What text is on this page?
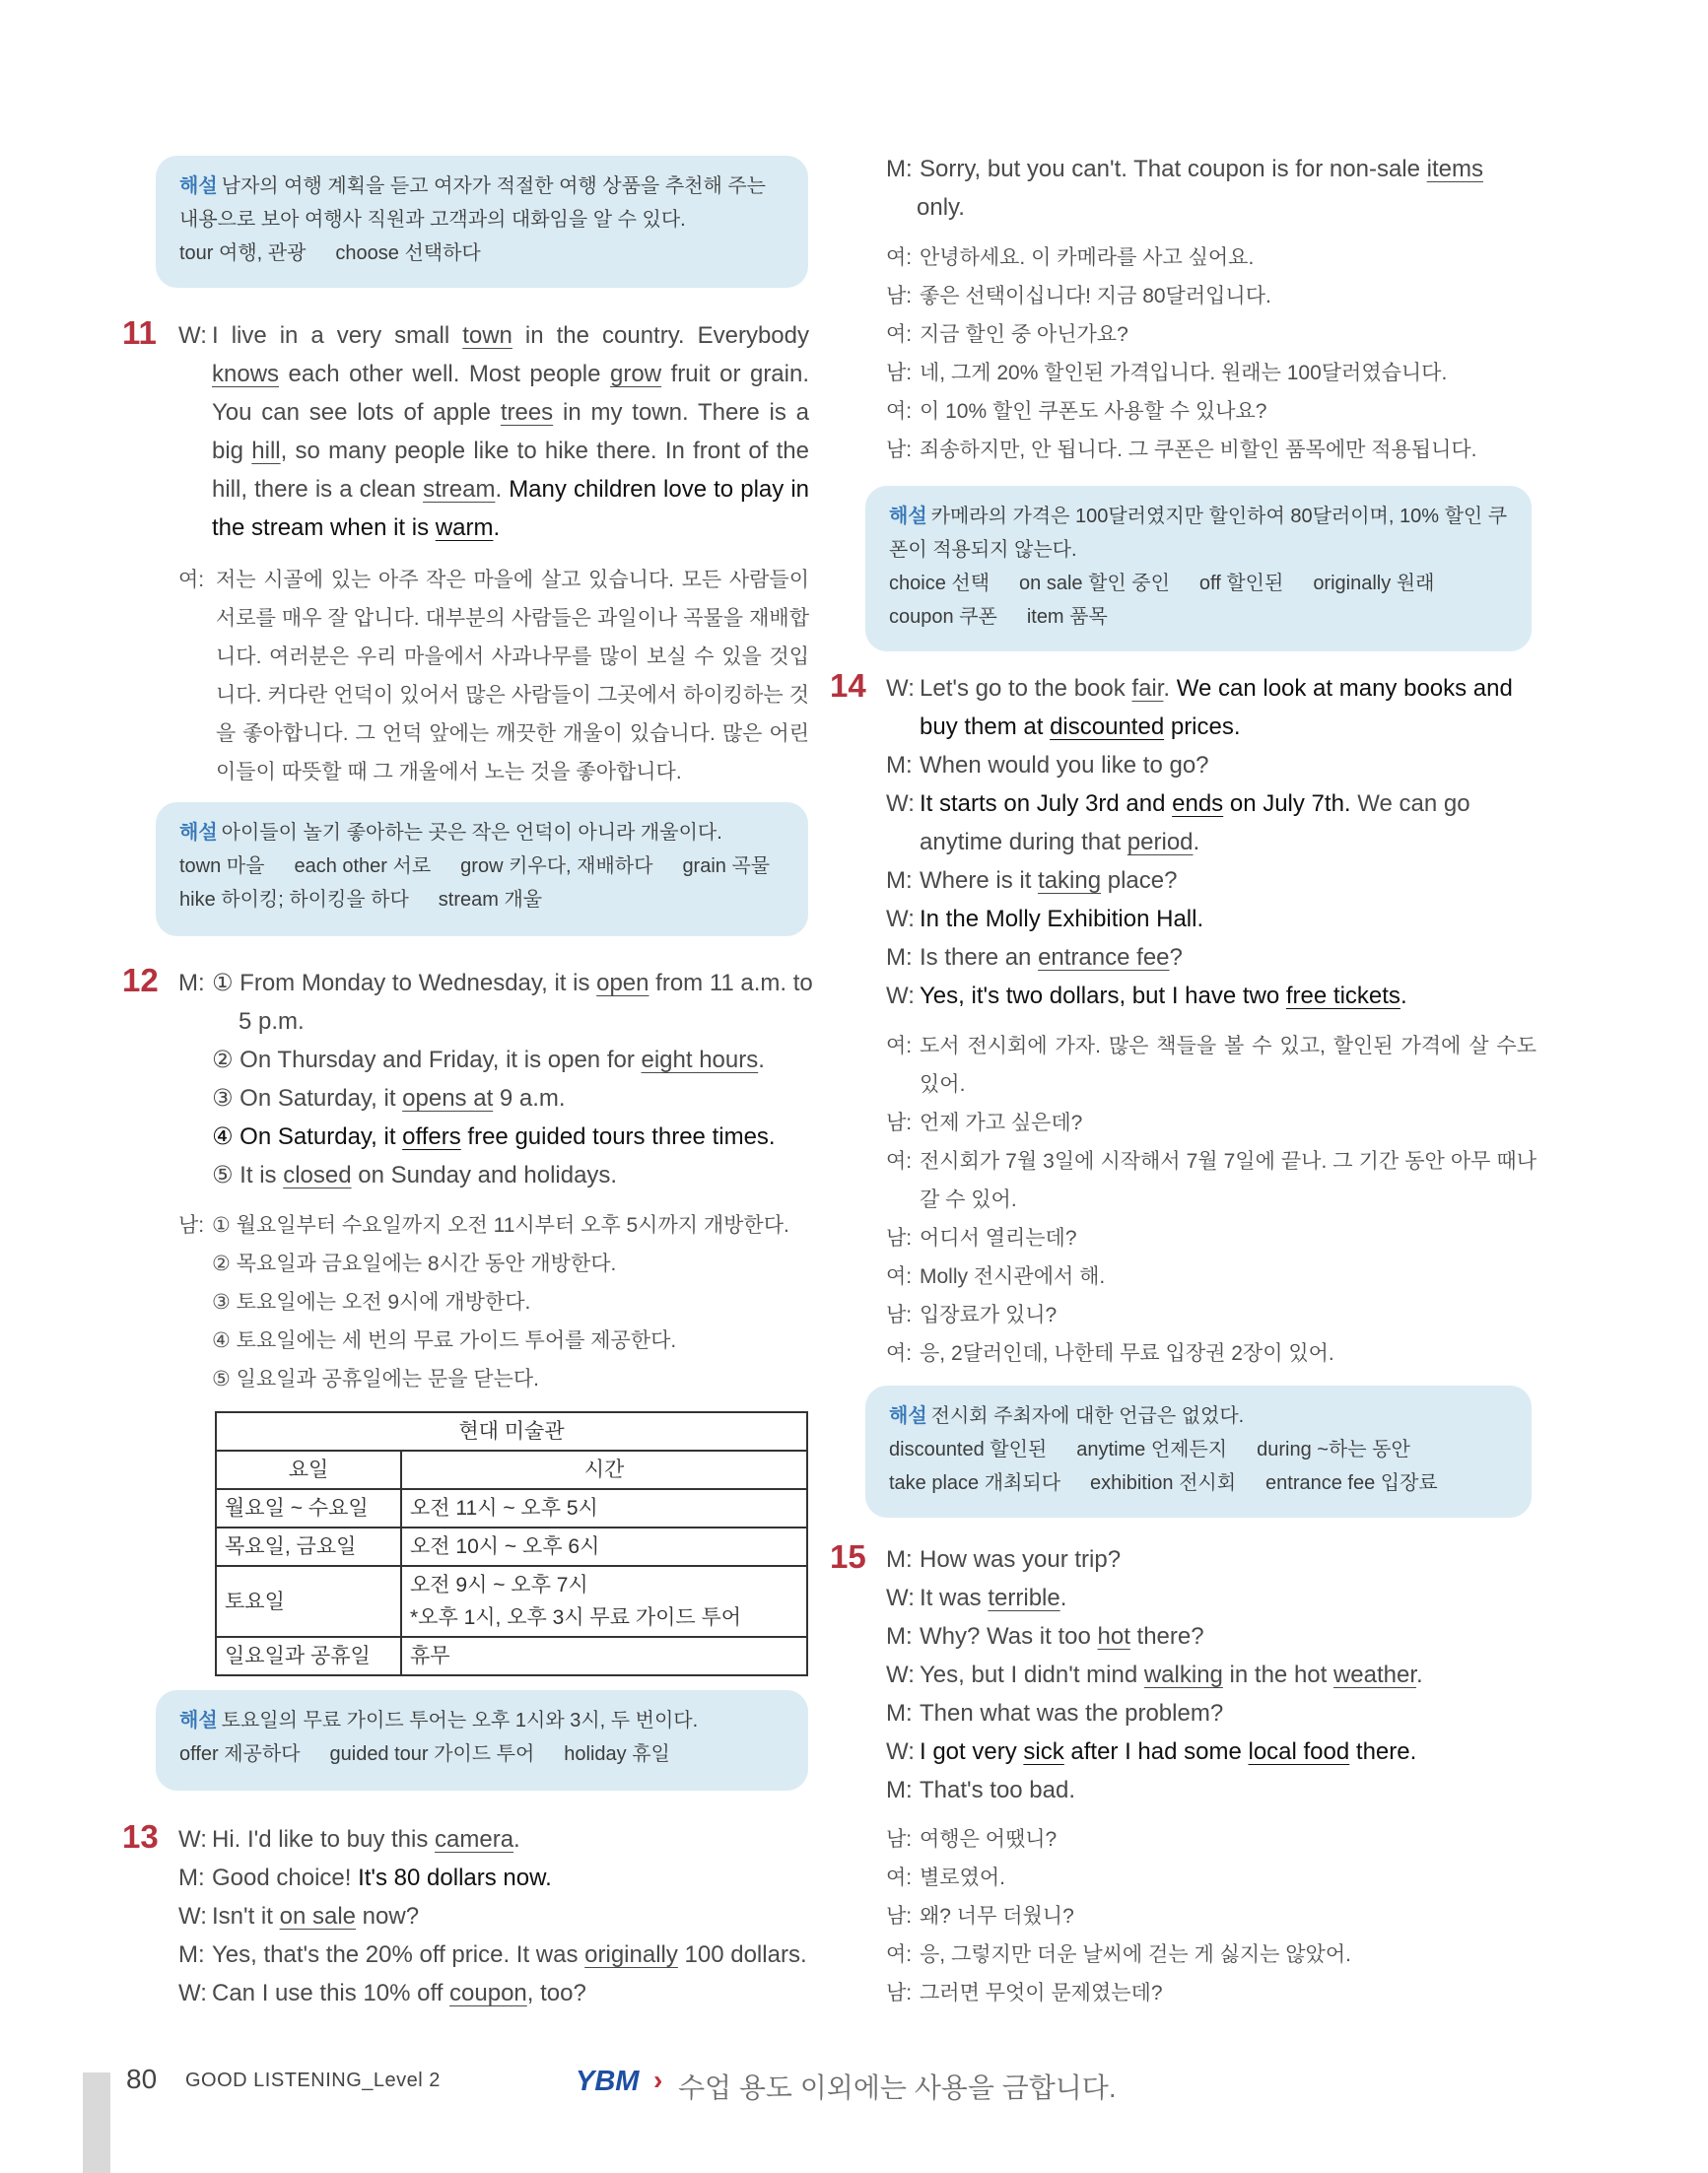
해설 남자의 여행 계획을 듣고 여자가 적절한 여행 상품을 추천해 주는 내용으로 보아 여행사 직원과 고객과의 대화임을 알 수 있다.
tour 여행, 관광 choose 선택하다
11 W: I live in a very small town in the country. Everybody knows each other well. Most people grow fruit or grain. You can see lots of apple trees in my town. There is a big hill, so many people like to hike there. In front of the hill, there is a clean stream. Many children love to play in the stream when it is warm.
여: 저는 시골에 있는 아주 작은 마을에 살고 있습니다. 모든 사람들이 서로를 매우 잘 압니다. 대부분의 사람들은 과일이나 곡물을 재배합니다. 여러분은 우리 마을에서 사과나무를 많이 보실 수 있을 것입니다. 커다란 언덕이 있어서 많은 사람들이 그곳에서 하이킹하는 것을 좋아합니다. 그 언덕 앞에는 깨끗한 개울이 있습니다. 많은 어린이들이 따뜻할 때 그 개울에서 노는 것을 좋아합니다.
해설 아이들이 놀기 좋아하는 곳은 작은 언덕이 아니라 개울이다.
town 마을 each other 서로 grow 키우다, 재배하다 grain 곡물
hike 하이킹; 하이킹을 하다 stream 개울
12 M: ① From Monday to Wednesday, it is open from 11 a.m. to

5 p.m.

② On Thursday and Friday, it is open for eight hours.

③ On Saturday, it opens at 9 a.m.

④ On Saturday, it offers free guided tours three times.

⑤ It is closed on Sunday and holidays.

남: ① 월요일부터 수요일까지 오전 11시부터 오후 5시까지 개방한다.

② 목요일과 금요일에는 8시간 동안 개방한다.

③ 토요일에는 오전 9시에 개방한다.

④ 토요일에는 세 번의 무료 가이드 투어를 제공한다.

⑤ 일요일과 공휴일에는 문을 닫는다.

현대 미술관	
요일	시간
월요일 ~ 수요일	오전 11시 ~ 오후 5시
목요일, 금요일	오전 10시 ~ 오후 6시
토요일	오전 9시 ~ 오후 7시
*오후 1시, 오후 3시 무료 가이드 투어

일요일과 공휴일	휴무
해설 토요일의 무료 가이드 투어는 오후 1시와 3시, 두 번이다.
offer 제공하다 guided tour 가이드 투어 holiday 휴일
13 W:Hi. I'd like to buy this camera.

M:Good choice! It's 80 dollars now.

W:Isn't it on sale now?

M:Yes, that's the 20% off price. It was originally 100 dollars.

W:Can I use this 10% off coupon, too?

M:Sorry, but you can't. That coupon is for non-sale items

only.

여: 안녕하세요. 이 카메라를 사고 싶어요.
남: 좋은 선택이십니다! 지금 80달러입니다.
여: 지금 할인 중 아닌가요?
남: 네, 그게 20% 할인된 가격입니다. 원래는 100달러였습니다.
여: 이 10% 할인 쿠폰도 사용할 수 있나요?
남: 죄송하지만, 안 됩니다. 그 쿠폰은 비할인 품목에만 적용됩니다.
해설 카메라의 가격은 100달러였지만 할인하여 80달러이며, 10% 할인 쿠폰이 적용되지 않는다.
choice 선택 on sale 할인 중인 off 할인된 originally 원래
coupon 쿠폰 item 품목
14 W:Let's go to the book fair. We can look at many books and

buy them at discounted prices.

M:When would you like to go?

W:It starts on July 3rd and ends on July 7th. We can go

anytime during that period.

M:Where is it taking place?

W:In the Molly Exhibition Hall.

M:Is there an entrance fee?

W:Yes, it's two dollars, but I have two free tickets.

여: 도서 전시회에 가자. 많은 책들을 볼 수 있고, 할인된 가격에 살 수도 있어.
남: 언제 가고 싶은데?
여: 전시회가 7월 3일에 시작해서 7월 7일에 끝나. 그 기간 동안 아무 때나 갈 수 있어.
남: 어디서 열리는데?
여: Molly 전시관에서 해.
남: 입장료가 있니?
여: 응, 2달러인데, 나한테 무료 입장권 2장이 있어.
해설 전시회 주최자에 대한 언급은 없었다.
discounted 할인된 anytime 언제든지 during ~하는 동안
take place 개최되다 exhibition 전시회 entrance fee 입장료
15 M:How was your trip?

W:It was terrible.

M:Why? Was it too hot there?

W:Yes, but I didn't mind walking in the hot weather.

M:Then what was the problem?

W:I got very sick after I had some local food there.

M:That's too bad.

남: 여행은 어땠니?
여: 별로였어.
남: 왜? 너무 더웠니?
여: 응, 그렇지만 더운 날씨에 걷는 게 싫지는 않았어.
남: 그러면 무엇이 문제였는데?
80 GOOD LISTENING_Level 2	YBM › 수업 용도 이외에는 사용을 금합니다.
